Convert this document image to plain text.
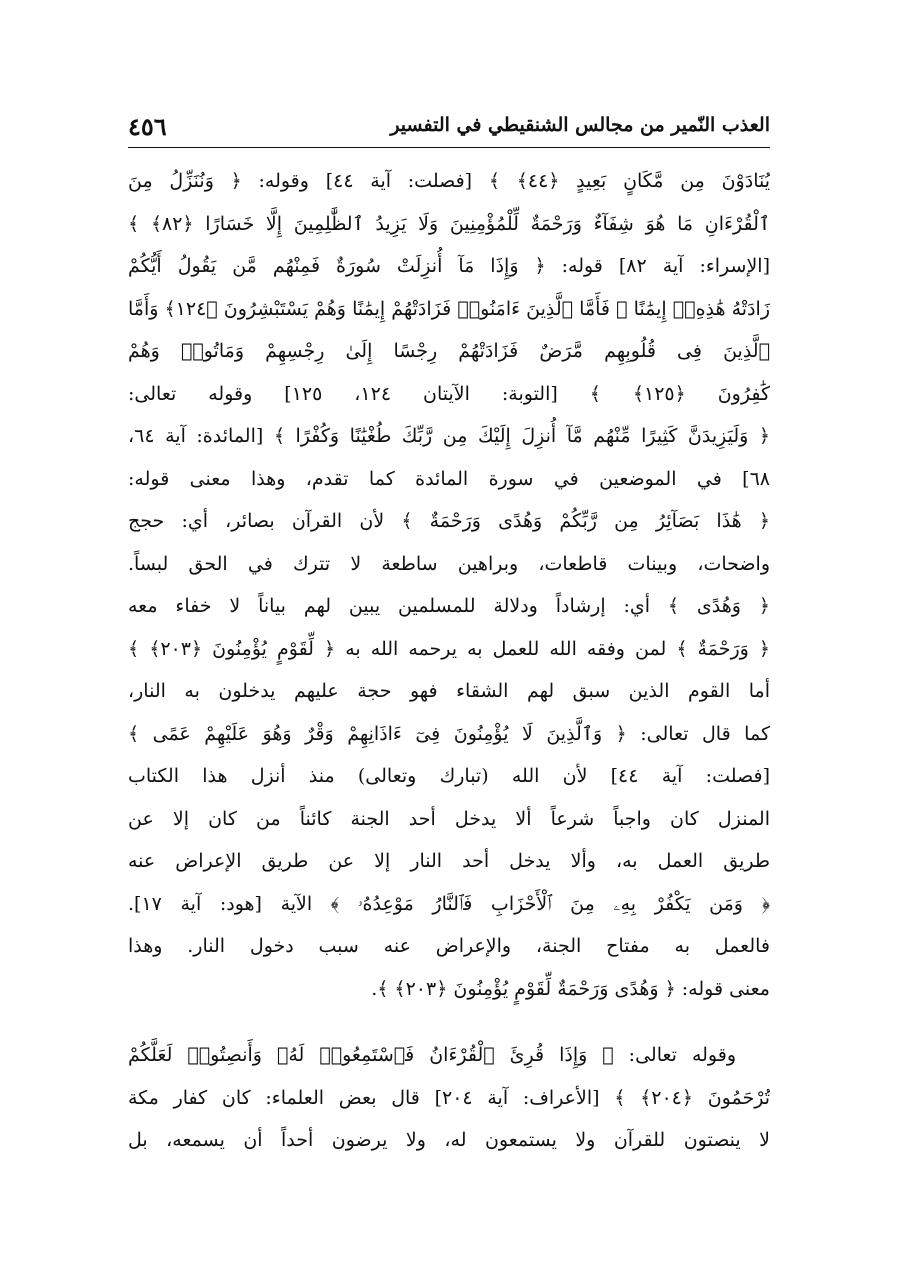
٤٥٦	العذب النّمير من مجالس الشنقيطي في التفسير
يُنَادَوْنَ مِن مَّكَانٍ بَعِيدٍ ﴿٤٤﴾ ﴾ [فصلت: آية ٤٤] وقوله: ﴿ وَنُنَزِّلُ مِنَ
ٱلْقُرْءَانِ مَا هُوَ شِفَآءٌ وَرَحْمَةٌ لِّلْمُؤْمِنِينَ وَلَا يَزِيدُ ٱلظَّٰلِمِينَ إِلَّا خَسَارًا ﴿٨٢﴾ ﴾
[الإسراء: آية ٨٢] قوله: ﴿ وَإِذَا مَآ أُنزِلَتْ سُورَةٌ فَمِنْهُم مَّن يَقُولُ أَيُّكُمْ
زَادَتْهُ هَٰذِهِۦٓ إِيمَٰنًا ۚ فَأَمَّا ٱلَّذِينَ ءَامَنُوا۟ فَزَادَتْهُمْ إِيمَٰنًا وَهُمْ يَسْتَبْشِرُونَ ﴿١٢٤﴾ وَأَمَّا
ٱلَّذِينَ فِى قُلُوبِهِم مَّرَضٌ فَزَادَتْهُمْ رِجْسًا إِلَىٰ رِجْسِهِمْ وَمَاتُوا۟ وَهُمْ
كَٰفِرُونَ ﴿١٢٥﴾ ﴾ [التوبة: الآيتان ١٢٤، ١٢٥] وقوله تعالى:
﴿ وَلَيَزِيدَنَّ كَثِيرًا مِّنْهُم مَّآ أُنزِلَ إِلَيْكَ مِن رَّبِّكَ طُغْيَٰنًا وَكُفْرًا ﴾ [المائدة: آية ٦٤،
٦٨] في الموضعين في سورة المائدة كما تقدم، وهذا معنى قوله:
﴿ هَٰذَا بَصَآئِرُ مِن رَّبِّكُمْ وَهُدًى وَرَحْمَةٌ ﴾ لأن القرآن بصائر، أي: حجج
واضحات، وبينات قاطعات، وبراهين ساطعة لا تترك في الحق لبساً.
﴿ وَهُدًى ﴾ أي: إرشاداً ودلالة للمسلمين يبين لهم بياناً لا خفاء معه
﴿ وَرَحْمَةٌ ﴾ لمن وفقه الله للعمل به يرحمه الله به ﴿ لِّقَوْمٍ يُؤْمِنُونَ ﴿٢٠٣﴾ ﴾
أما القوم الذين سبق لهم الشقاء فهو حجة عليهم يدخلون به النار،
كما قال تعالى: ﴿ وَٱلَّذِينَ لَا يُؤْمِنُونَ فِىٓ ءَاذَانِهِمْ وَقْرٌ وَهُوَ عَلَيْهِمْ عَمًى ﴾
[فصلت: آية ٤٤] لأن الله (تبارك وتعالى) منذ أنزل هذا الكتاب
المنزل كان واجباً شرعاً ألا يدخل أحد الجنة كائناً من كان إلا عن
طريق العمل به، وألا يدخل أحد النار إلا عن طريق الإعراض عنه
﴿ وَمَن يَكْفُرْ بِهِۦ مِنَ ٱلْأَحْزَابِ فَٱلنَّارُ مَوْعِدُهُۥ ﴾ الآية [هود: آية ١٧].
فالعمل به مفتاح الجنة، والإعراض عنه سبب دخول النار. وهذا
معنى قوله: ﴿ وَهُدًى وَرَحْمَةٌ لِّقَوْمٍ يُؤْمِنُونَ ﴿٢٠٣﴾ ﴾.
وقوله تعالى: ﴿ وَإِذَا قُرِئَ ٱلْقُرْءَانُ فَٱسْتَمِعُوا۟ لَهُۥ وَأَنصِتُوا۟ لَعَلَّكُمْ
تُرْحَمُونَ ﴿٢٠٤﴾ ﴾ [الأعراف: آية ٢٠٤] قال بعض العلماء: كان كفار مكة
لا ينصتون للقرآن ولا يستمعون له، ولا يرضون أحداً أن يسمعه، بل
